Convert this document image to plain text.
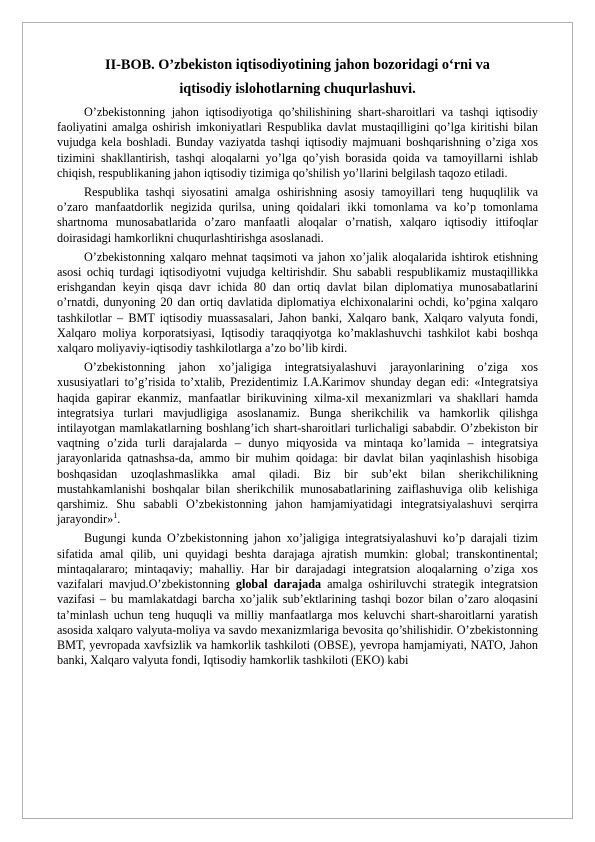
II-BOB. O’zbekiston iqtisodiyotining jahon bozoridagi o‘rni va
iqtisodiy islohotlarning chuqurlashuvi.

O’zbekistonning jahon iqtisodiyotiga qo’shilishining shart-sharoitlari va tashqi iqtisodiy faoliyatini amalga oshirish imkoniyatlari Respublika davlat mustaqilligini qo’lga kiritishi bilan vujudga kela boshladi. Bunday vaziyatda tashqi iqtisodiy majmuani boshqarishning o’ziga xos tizimini shakllantirish, tashqi aloqalarni yo’lga qo’yish borasida qoida va tamoyillarni ishlab chiqish, respublikaning jahon iqtisodiy tizimiga qo’shilish yo’llarini belgilash taqozo etiladi.

Respublika tashqi siyosatini amalga oshirishning asosiy tamoyillari teng huquqlilik va o’zaro manfaatdorlik negizida qurilsa, uning qoidalari ikki tomonlama va ko’p tomonlama shartnoma munosabatlarida o’zaro manfaatli aloqalar o’rnatish, xalqaro iqtisodiy ittifoqlar doirasidagi hamkorlikni chuqurlashtirishga asoslanadi.

O’zbekistonning xalqaro mehnat taqsimoti va jahon xo’jalik aloqalarida ishtirok etishning asosi ochiq turdagi iqtisodiyotni vujudga keltirishdir. Shu sababli respublikamiz mustaqillikka erishgandan keyin qisqa davr ichida 80 dan ortiq davlat bilan diplomatiya munosabatlarini o’rnatdi, dunyoning 20 dan ortiq davlatida diplomatiya elchixonalarini ochdi, ko’pgina xalqaro tashkilotlar – BMT iqtisodiy muassasalari, Jahon banki, Xalqaro bank, Xalqaro valyuta fondi, Xalqaro moliya korporatsiyasi, Iqtisodiy taraqqiyotga ko’maklashuvchi tashkilot kabi boshqa xalqaro moliyaviy-iqtisodiy tashkilotlarga a’zo bo’lib kirdi.

O’zbekistonning jahon xo’jaligiga integratsiyalashuvi jarayonlarining o’ziga xos xususiyatlari to’g’risida to’xtalib, Prezidentimiz I.A.Karimov shunday degan edi: «Integratsiya haqida gapirar ekanmiz, manfaatlar birikuvining xilma-xil mexanizmlari va shakllari hamda integratsiya turlari mavjudligiga asoslanamiz. Bunga sherikchilik va hamkorlik qilishga intilayotgan mamlakatlarning boshlang’ich shart-sharoitlari turlichaligi sababdir. O’zbekiston bir vaqtning o’zida turli darajalarda – dunyo miqyosida va mintaqa ko’lamida – integratsiya jarayonlarida qatnashsa-da, ammo bir muhim qoidaga: bir davlat bilan yaqinlashish hisobiga boshqasidan uzoqlashmaslikka amal qiladi. Biz bir sub’ekt bilan sherikchilikning mustahkamlanishi boshqalar bilan sherikchilik munosabatlarining zaiflashuviga olib kelishiga qarshimiz. Shu sababli O’zbekistonning jahon hamjamiyatidagi integratsiyalashuvi serqirra jarayondir»$^1$.

Bugungi kunda O’zbekistonning jahon xo’jaligiga integratsiyalashuvi ko’p darajali tizim sifatida amal qilib, uni quyidagi beshta darajaga ajratish mumkin: global; transkontinental; mintaqalararo; mintaqaviy; mahalliy. Har bir darajadagi integratsion aloqalarning o’ziga xos vazifalari mavjud.O’zbekistonning global darajada amalga oshiriluvchi strategik integratsion vazifasi – bu mamlakatdagi barcha xo’jalik sub’ektlarining tashqi bozor bilan o’zaro aloqasini ta’minlash uchun teng huquqli va milliy manfaatlarga mos keluvchi shart-sharoitlarni yaratish asosida xalqaro valyuta-moliya va savdo mexanizmlariga bevosita qo’shilishidir. O’zbekistonning BMT, yevropada xavfsizlik va hamkorlik tashkiloti (OBSE), yevropa hamjamiyati, NATO, Jahon banki, Xalqaro valyuta fondi, Iqtisodiy hamkorlik tashkiloti (EKO) kabi
